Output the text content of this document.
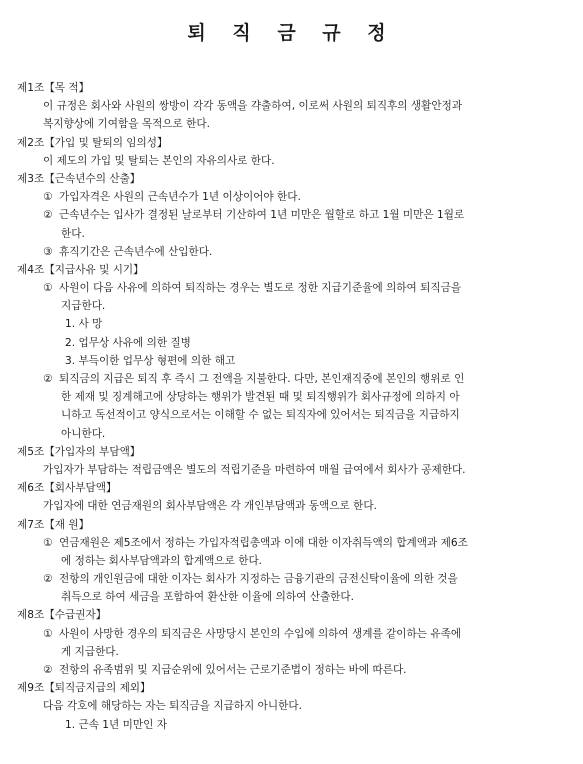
퇴 직 금 규 정
제1조【목 적】
이 규정은 회사와 사원의 쌍방이 각각 동액을 갹출하여, 이로써 사원의 퇴직후의 생활안정과
복지향상에 기여함을 목적으로 한다.
제2조【가입 및 탈퇴의 임의성】
이 제도의 가입 및 탈퇴는 본인의 자유의사로 한다.
제3조【근속년수의 산출】
① 가입자격은 사원의 근속년수가 1년 이상이어야 한다.
② 근속년수는 입사가 결정된 날로부터 기산하여 1년 미만은 월할로 하고 1월 미만은 1월로
한다.
③ 휴직기간은 근속년수에 산입한다.
제4조【지급사유 및 시기】
① 사원이 다음 사유에 의하여 퇴직하는 경우는 별도로 정한 지급기준율에 의하여 퇴직금을
지급한다.
1. 사 망
2. 업무상 사유에 의한 질병
3. 부득이한 업무상 형편에 의한 해고
② 퇴직금의 지급은 퇴직 후 즉시 그 전액을 지불한다. 다만, 본인재직중에 본인의 행위로 인
한 제재 및 징계해고에 상당하는 행위가 발견된 때 및 퇴직행위가 회사규정에 의하지 아
니하고 독선적이고 양식으로서는 이해할 수 없는 퇴직자에 있어서는 퇴직금을 지급하지
아니한다.
제5조【가입자의 부담액】
가입자가 부담하는 적립금액은 별도의 적립기준을 마련하여 매월 급여에서 회사가 공제한다.
제6조【회사부담액】
가입자에 대한 연금재원의 회사부담액은 각 개인부담액과 동액으로 한다.
제7조【재 원】
① 연금재원은 제5조에서 정하는 가입자적립총액과 이에 대한 이자취득액의 합계액과 제6조
에 정하는 회사부담액과의 합계액으로 한다.
② 전항의 개인원금에 대한 이자는 회사가 지정하는 금융기관의 금전신탁이율에 의한 것을
취득으로 하여 세금을 포함하여 환산한 이율에 의하여 산출한다.
제8조【수급권자】
① 사원이 사망한 경우의 퇴직금은 사망당시 본인의 수입에 의하여 생계를 같이하는 유족에
게 지급한다.
② 전항의 유족범위 및 지급순위에 있어서는 근로기준법이 정하는 바에 따른다.
제9조【퇴직금지급의 제외】
다음 각호에 해당하는 자는 퇴직금을 지급하지 아니한다.
1. 근속 1년 미만인 자
